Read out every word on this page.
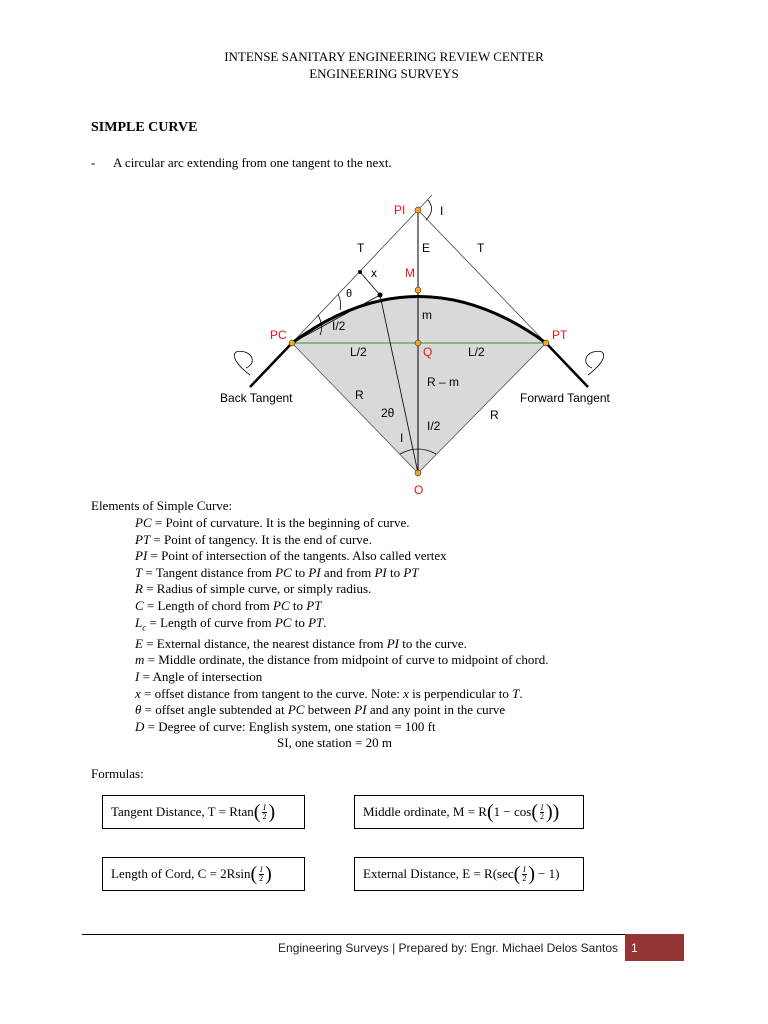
INTENSE SANITARY ENGINEERING REVIEW CENTER
ENGINEERING SURVEYS
SIMPLE CURVE
- A circular arc extending from one tangent to the next.
PI	I
T	E	T
x M
θ
m
PC	PT
I/2
L/2	Q	L/2
Back Tangent	Forward Tangent
R
R – m
2θ
I/2
R
I
O
Elements of Simple Curve:
PC = Point of curvature. It is the beginning of curve.
PT = Point of tangency. It is the end of curve.
PI = Point of intersection of the tangents. Also called vertex
T = Tangent distance from PC to PI and from PI to PT
R = Radius of simple curve, or simply radius.
C = Length of chord from PC to PT
$L_c$ = Length of curve from PC to PT.
E = External distance, the nearest distance from PI to the curve.
m = Middle ordinate, the distance from midpoint of curve to midpoint of chord.
I = Angle of intersection
x = offset distance from tangent to the curve. Note: x is perpendicular to T.
θ = offset angle subtended at PC between PI and any point in the curve
D = Degree of curve: English system, one station = 100 ft
SI, one station = 20 m
Formulas:
Tangent Distance, T = Rtan ( $\frac{I}{2}$ )	Middle ordinate, M = R ( 1 − cos ( $\frac{I}{2}$ ))
Length of Cord, C = 2Rsin ( $\frac{I}{2}$ )	External Distance, E = R(sec ( $\frac{I}{2}$ ) − 1)
Engineering Surveys | Prepared by: Engr. Michael Delos Santos	1
